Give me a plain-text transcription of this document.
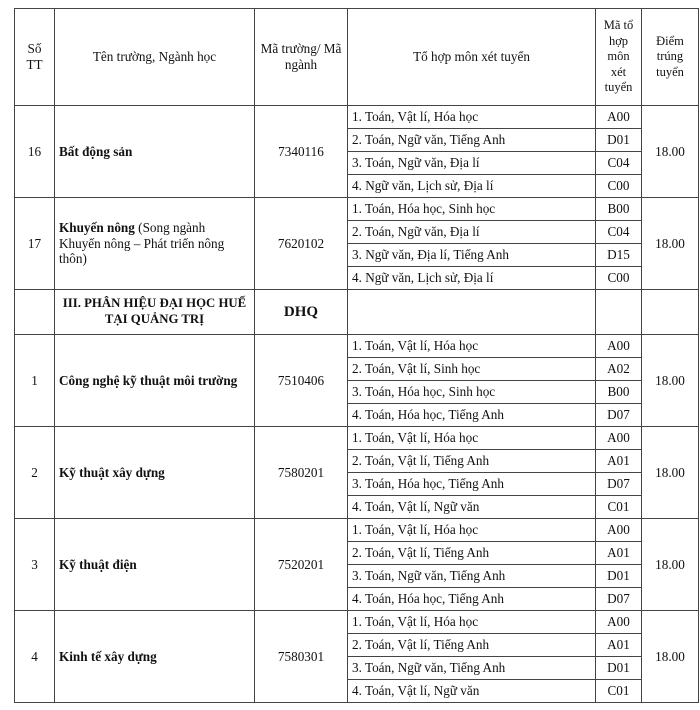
Số TT	Tên trường, Ngành học	Mã trường/ Mã ngành	Tổ hợp môn xét tuyển	Mã tổ hợp môn xét tuyển	Điểm trúng tuyển
16	Bất động sản	7340116	1. Toán, Vật lí, Hóa học	A00	18.00
			2. Toán, Ngữ văn, Tiếng Anh	D01	
			3. Toán, Ngữ văn, Địa lí	C04	
			4. Ngữ văn, Lịch sử, Địa lí	C00	
17	Khuyến nông (Song ngành Khuyến nông – Phát triển nông thôn)	7620102	1. Toán, Hóa học, Sinh học	B00	18.00
			2. Toán, Ngữ văn, Địa lí	C04	
			3. Ngữ văn, Địa lí, Tiếng Anh	D15	
			4. Ngữ văn, Lịch sử, Địa lí	C00	
	III. PHÂN HIỆU ĐẠI HỌC HUẾ TẠI QUẢNG TRỊ	DHQ			
1	Công nghệ kỹ thuật môi trường	7510406	1. Toán, Vật lí, Hóa học	A00	18.00
			2. Toán, Vật lí, Sinh học	A02	
			3. Toán, Hóa học, Sinh học	B00	
			4. Toán, Hóa học, Tiếng Anh	D07	
2	Kỹ thuật xây dựng	7580201	1. Toán, Vật lí, Hóa học	A00	18.00
			2. Toán, Vật lí, Tiếng Anh	A01	
			3. Toán, Hóa học, Tiếng Anh	D07	
			4. Toán, Vật lí, Ngữ văn	C01	
3	Kỹ thuật điện	7520201	1. Toán, Vật lí, Hóa học	A00	18.00
			2. Toán, Vật lí, Tiếng Anh	A01	
			3. Toán, Ngữ văn, Tiếng Anh	D01	
			4. Toán, Hóa học, Tiếng Anh	D07	
4	Kinh tế xây dựng	7580301	1. Toán, Vật lí, Hóa học	A00	18.00
			2. Toán, Vật lí, Tiếng Anh	A01	
			3. Toán, Ngữ văn, Tiếng Anh	D01	
			4. Toán, Vật lí, Ngữ văn	C01	
